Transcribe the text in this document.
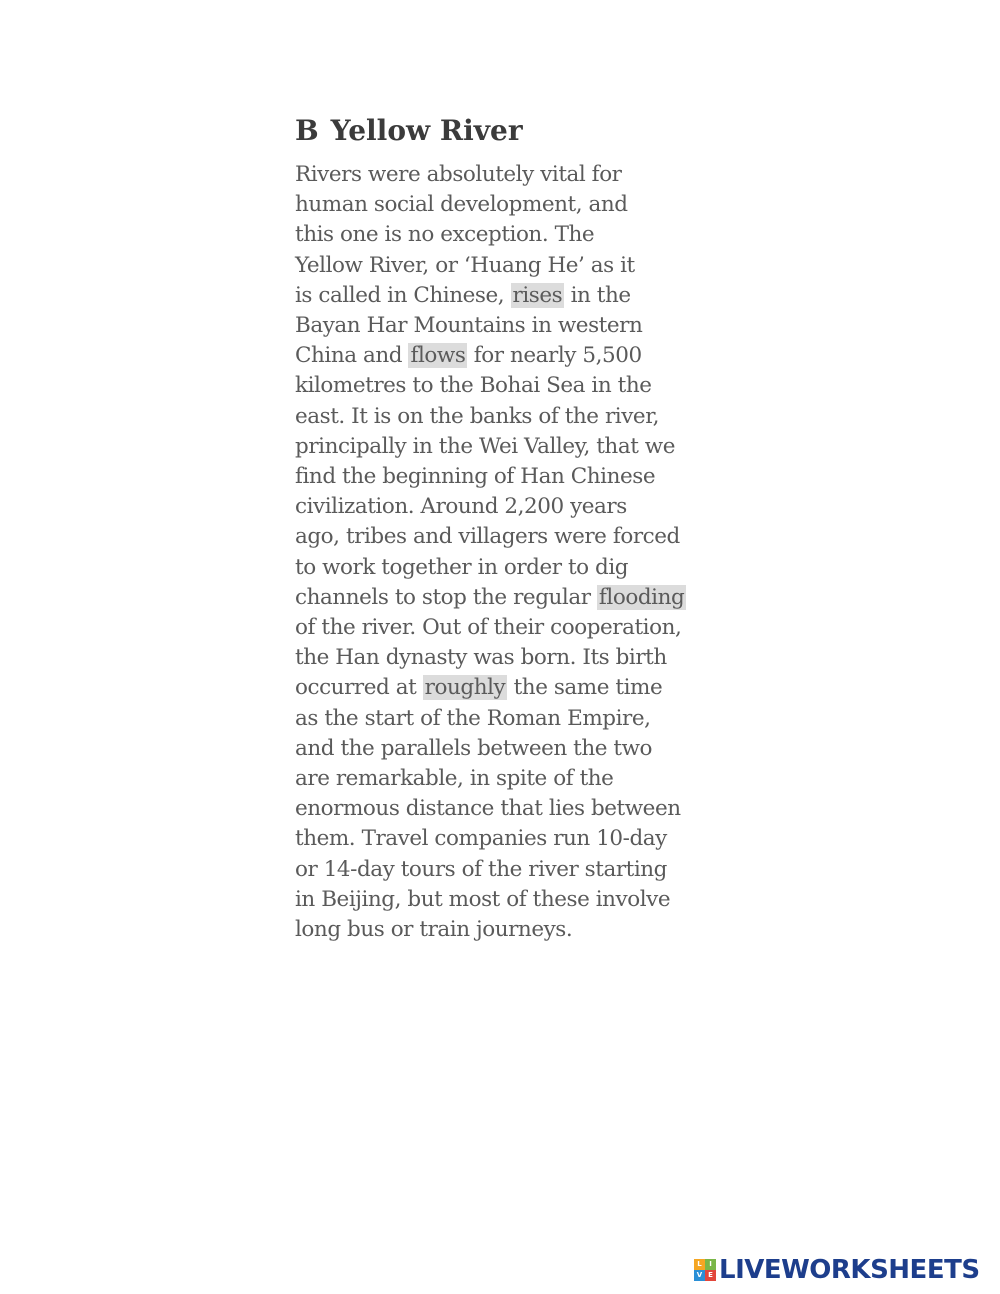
B Yellow River

Rivers were absolutely vital for
human social development, and
this one is no exception. The
Yellow River, or ‘Huang He’ as it
is called in Chinese, rises in the
Bayan Har Mountains in western
China and flows for nearly 5,500
kilometres to the Bohai Sea in the
east. It is on the banks of the river,
principally in the Wei Valley, that we
find the beginning of Han Chinese
civilization. Around 2,200 years
ago, tribes and villagers were forced
to work together in order to dig
channels to stop the regular flooding
of the river. Out of their cooperation,
the Han dynasty was born. Its birth
occurred at roughly the same time
as the start of the Roman Empire,
and the parallels between the two
are remarkable, in spite of the
enormous distance that lies between
them. Travel companies run 10-day
or 14-day tours of the river starting
in Beijing, but most of these involve
long bus or train journeys.

L	I
V E LIVEWORKSHEETS
